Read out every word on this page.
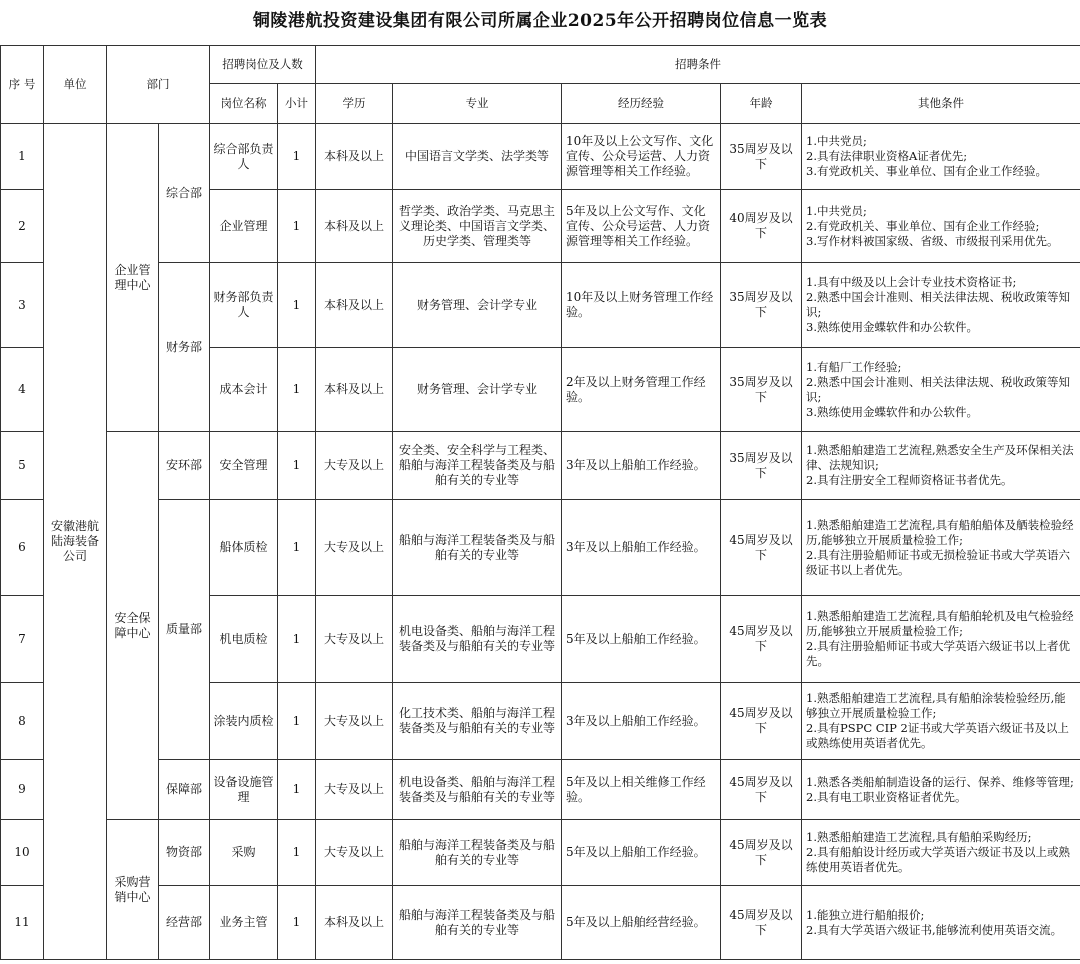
铜陵港航投资建设集团有限公司所属企业2025年公开招聘岗位信息一览表
序 号	单位	部门		招聘岗位及人数		招聘条件				
				岗位名称	小计	学历	专业	经历经验	年龄	其他条件
1	安徽港航陆海装备公司	企业管理中心	综合部	综合部负责人	1	本科及以上	中国语言文学类、法学类等	10年及以上公文写作、文化宣传、公众号运营、人力资源管理等相关工作经验。	35周岁及以下	1.中共党员;
2.具有法律职业资格A证者优先;
3.有党政机关、事业单位、国有企业工作经验。

2				企业管理	1	本科及以上	哲学类、政治学类、马克思主义理论类、中国语言文学类、历史学类、管理类等	5年及以上公文写作、文化宣传、公众号运营、人力资源管理等相关工作经验。	40周岁及以下	1.中共党员;
2.有党政机关、事业单位、国有企业工作经验;
3.写作材料被国家级、省级、市级报刊采用优先。

3			财务部	财务部负责人	1	本科及以上	财务管理、会计学专业	10年及以上财务管理工作经验。	35周岁及以下	1.具有中级及以上会计专业技术资格证书;
2.熟悉中国会计准则、相关法律法规、税收政策等知识;
3.熟练使用金蝶软件和办公软件。

4				成本会计	1	本科及以上	财务管理、会计学专业	2年及以上财务管理工作经验。	35周岁及以下	1.有船厂工作经验;
2.熟悉中国会计准则、相关法律法规、税收政策等知识;
3.熟练使用金蝶软件和办公软件。

5		安全保障中心	安环部	安全管理	1	大专及以上	安全类、安全科学与工程类、船舶与海洋工程装备类及与船舶有关的专业等	3年及以上船舶工作经验。	35周岁及以下	1.熟悉船舶建造工艺流程,熟悉安全生产及环保相关法律、法规知识;
2.具有注册安全工程师资格证书者优先。

6			质量部	船体质检	1	大专及以上	船舶与海洋工程装备类及与船舶有关的专业等	3年及以上船舶工作经验。	45周岁及以下	1.熟悉船舶建造工艺流程,具有船舶船体及舾装检验经历,能够独立开展质量检验工作;
2.具有注册验船师证书或无损检验证书或大学英语六级证书以上者优先。

7				机电质检	1	大专及以上	机电设备类、船舶与海洋工程装备类及与船舶有关的专业等	5年及以上船舶工作经验。	45周岁及以下	1.熟悉船舶建造工艺流程,具有船舶轮机及电气检验经历,能够独立开展质量检验工作;
2.具有注册验船师证书或大学英语六级证书以上者优先。

8				涂装内质检	1	大专及以上	化工技术类、船舶与海洋工程装备类及与船舶有关的专业等	3年及以上船舶工作经验。	45周岁及以下	1.熟悉船舶建造工艺流程,具有船舶涂装检验经历,能够独立开展质量检验工作;
2.具有PSPC CIP 2证书或大学英语六级证书及以上或熟练使用英语者优先。

9			保障部	设备设施管理	1	大专及以上	机电设备类、船舶与海洋工程装备类及与船舶有关的专业等	5年及以上相关维修工作经验。	45周岁及以下	1.熟悉各类船舶制造设备的运行、保养、维修等管理;
2.具有电工职业资格证者优先。

10		采购营销中心	物资部	采购	1	大专及以上	船舶与海洋工程装备类及与船舶有关的专业等	5年及以上船舶工作经验。	45周岁及以下	1.熟悉船舶建造工艺流程,具有船舶采购经历;
2.具有船舶设计经历或大学英语六级证书及以上或熟练使用英语者优先。

11			经营部	业务主管	1	本科及以上	船舶与海洋工程装备类及与船舶有关的专业等	5年及以上船舶经营经验。	45周岁及以下	1.能独立进行船舶报价;
2.具有大学英语六级证书,能够流利使用英语交流。
